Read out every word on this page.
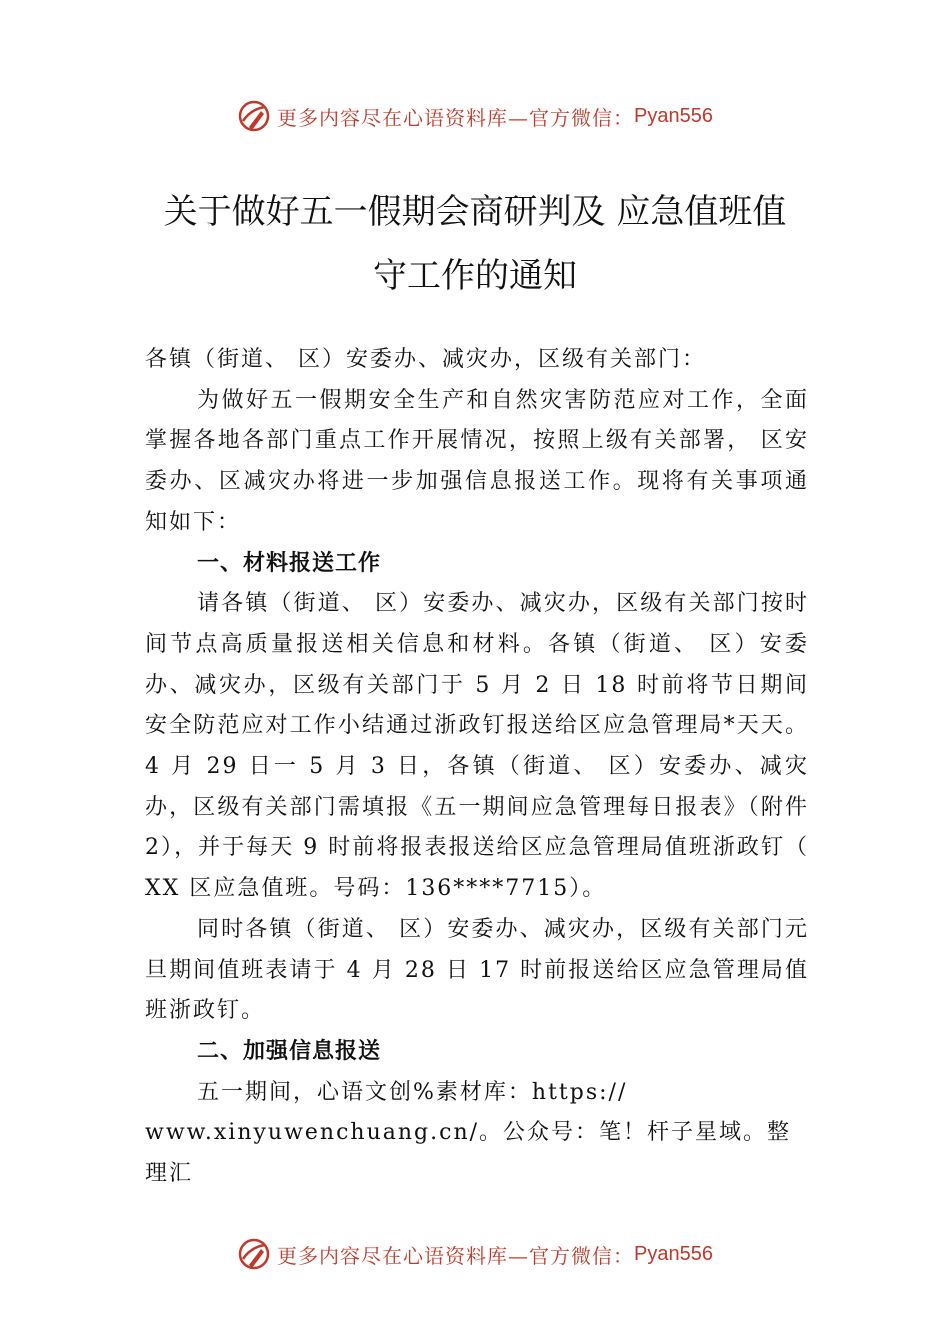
更多内容尽在心语资料库—官方微信： Pyan556
关于做好五一假期会商研判及 应急值班值
守工作的通知

各镇（街道、 区）安委办、减灾办，区级有关部门：

为做好五一假期安全生产和自然灾害防范应对工作，全面掌握各地各部门重点工作开展情况，按照上级有关部署， 区安委办、区减灾办将进一步加强信息报送工作。现将有关事项通知如下：

一、材料报送工作

请各镇（街道、 区）安委办、减灾办，区级有关部门按时间节点高质量报送相关信息和材料。各镇（街道、 区）安委办、减灾办，区级有关部门于 5 月 2 日 18 时前将节日期间安全防范应对工作小结通过浙政钉报送给区应急管理局*天天。4 月 29 日一 5 月 3 日，各镇（街道、 区）安委办、减灾办，区级有关部门需填报《五一期间应急管理每日报表》（附件 2），并于每天 9 时前将报表报送给区应急管理局值班浙政钉（ XX 区应急值班。号码：136****7715）。

同时各镇（街道、 区）安委办、减灾办，区级有关部门元旦期间值班表请于 4 月 28 日 17 时前报送给区应急管理局值班浙政钉。

二、加强信息报送

五一期间，心语文创%素材库：https://

www.xinyuwenchuang.cn/。公众号：笔！杆子星域。整理汇

更多内容尽在心语资料库—官方微信： Pyan556
